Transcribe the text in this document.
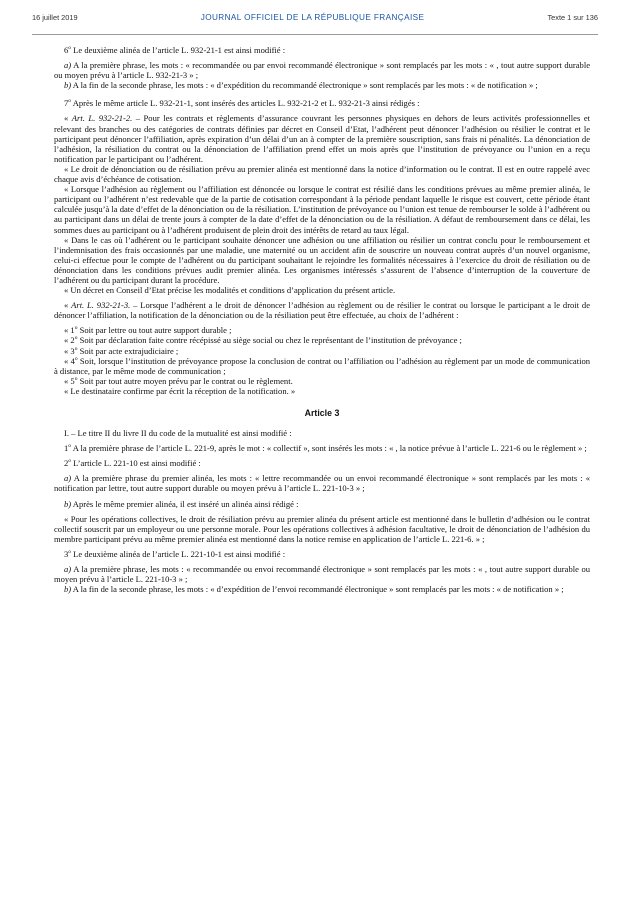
16 juillet 2019	JOURNAL OFFICIEL DE LA RÉPUBLIQUE FRANÇAISE	Texte 1 sur 136

6$^o$ Le deuxième alinéa de l’article L. 932-21-1 est ainsi modifié :

a) A la première phrase, les mots : « recommandée ou par envoi recommandé électronique » sont remplacés par les mots : « , tout autre support durable ou moyen prévu à l’article L. 932-21-3 » ;

b) A la fin de la seconde phrase, les mots : « d’expédition du recommandé électronique » sont remplacés par les mots : « de notification » ;

7$^o$ Après le même article L. 932-21-1, sont insérés des articles L. 932-21-2 et L. 932-21-3 ainsi rédigés :

« Art. L. 932-21-2. – Pour les contrats et règlements d’assurance couvrant les personnes physiques en dehors de leurs activités professionnelles et relevant des branches ou des catégories de contrats définies par décret en Conseil d’Etat, l’adhérent peut dénoncer l’adhésion ou résilier le contrat et le participant peut dénoncer l’affiliation, après expiration d’un délai d’un an à compter de la première souscription, sans frais ni pénalités. La dénonciation de l’adhésion, la résiliation du contrat ou la dénonciation de l’affiliation prend effet un mois après que l’institution de prévoyance ou l’union en a reçu notification par le participant ou l’adhérent.

« Le droit de dénonciation ou de résiliation prévu au premier alinéa est mentionné dans la notice d’information ou le contrat. Il est en outre rappelé avec chaque avis d’échéance de cotisation.

« Lorsque l’adhésion au règlement ou l’affiliation est dénoncée ou lorsque le contrat est résilié dans les conditions prévues au même premier alinéa, le participant ou l’adhérent n’est redevable que de la partie de cotisation correspondant à la période pendant laquelle le risque est couvert, cette période étant calculée jusqu’à la date d’effet de la dénonciation ou de la résiliation. L’institution de prévoyance ou l’union est tenue de rembourser le solde à l’adhérent ou au participant dans un délai de trente jours à compter de la date d’effet de la dénonciation ou de la résiliation. A défaut de remboursement dans ce délai, les sommes dues au participant ou à l’adhérent produisent de plein droit des intérêts de retard au taux légal.

« Dans le cas où l’adhérent ou le participant souhaite dénoncer une adhésion ou une affiliation ou résilier un contrat conclu pour le remboursement et l’indemnisation des frais occasionnés par une maladie, une maternité ou un accident afin de souscrire un nouveau contrat auprès d’un nouvel organisme, celui-ci effectue pour le compte de l’adhérent ou du participant souhaitant le rejoindre les formalités nécessaires à l’exercice du droit de résiliation ou de dénonciation dans les conditions prévues audit premier alinéa. Les organismes intéressés s’assurent de l’absence d’interruption de la couverture de l’adhérent ou du participant durant la procédure.

« Un décret en Conseil d’Etat précise les modalités et conditions d’application du présent article.

« Art. L. 932-21-3. – Lorsque l’adhérent a le droit de dénoncer l’adhésion au règlement ou de résilier le contrat ou lorsque le participant a le droit de dénoncer l’affiliation, la notification de la dénonciation ou de la résiliation peut être effectuée, au choix de l’adhérent :

« 1$^o$ Soit par lettre ou tout autre support durable ;

« 2$^o$ Soit par déclaration faite contre récépissé au siège social ou chez le représentant de l’institution de prévoyance ;

« 3$^o$ Soit par acte extrajudiciaire ;

« 4$^o$ Soit, lorsque l’institution de prévoyance propose la conclusion de contrat ou l’affiliation ou l’adhésion au règlement par un mode de communication à distance, par le même mode de communication ;

« 5$^o$ Soit par tout autre moyen prévu par le contrat ou le règlement.

« Le destinataire confirme par écrit la réception de la notification. »

Article 3

I. – Le titre II du livre II du code de la mutualité est ainsi modifié :

1$^o$ A la première phrase de l’article L. 221-9, après le mot : « collectif », sont insérés les mots : « , la notice prévue à l’article L. 221-6 ou le règlement » ;

2$^o$ L’article L. 221-10 est ainsi modifié :

a) A la première phrase du premier alinéa, les mots : « lettre recommandée ou un envoi recommandé électronique » sont remplacés par les mots : « notification par lettre, tout autre support durable ou moyen prévu à l’article L. 221-10-3 » ;

b) Après le même premier alinéa, il est inséré un alinéa ainsi rédigé :

« Pour les opérations collectives, le droit de résiliation prévu au premier alinéa du présent article est mentionné dans le bulletin d’adhésion ou le contrat collectif souscrit par un employeur ou une personne morale. Pour les opérations collectives à adhésion facultative, le droit de dénonciation de l’adhésion du membre participant prévu au même premier alinéa est mentionné dans la notice remise en application de l’article L. 221-6. » ;

3$^o$ Le deuxième alinéa de l’article L. 221-10-1 est ainsi modifié :

a) A la première phrase, les mots : « recommandée ou envoi recommandé électronique » sont remplacés par les mots : « , tout autre support durable ou moyen prévu à l’article L. 221-10-3 » ;

b) A la fin de la seconde phrase, les mots : « d’expédition de l’envoi recommandé électronique » sont remplacés par les mots : « de notification » ;
